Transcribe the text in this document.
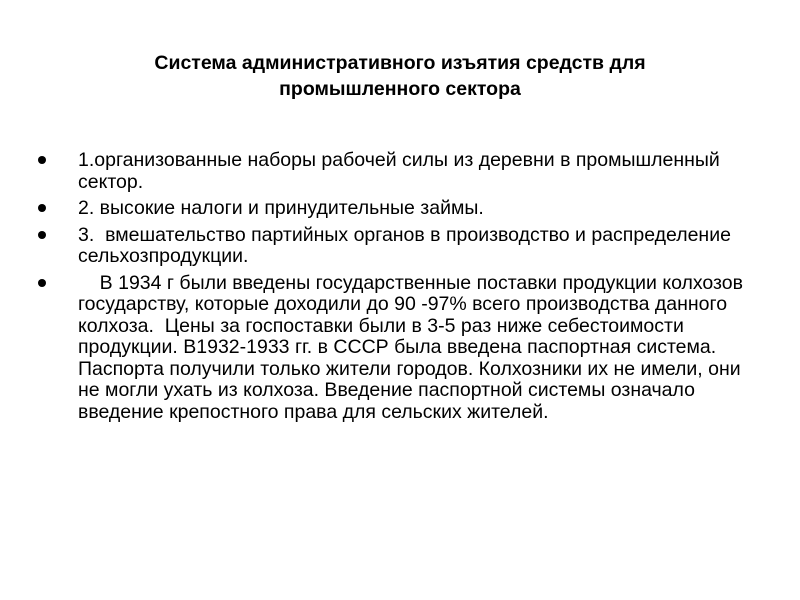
Система административного изъятия средств для
промышленного сектора
1.организованные наборы рабочей силы из деревни в промышленный сектор.
2. высокие налоги и принудительные займы.
3.  вмешательство партийных органов в производство и распределение сельхозпродукции.
В 1934 г были введены государственные поставки продукции колхозов государству, которые доходили до 90 -97% всего производства данного колхоза.  Цены за госпоставки были в 3-5 раз ниже себестоимости продукции. В1932-1933 гг. в СССР была введена паспортная система. Паспорта получили только жители городов. Колхозники их не имели, они не могли ухать из колхоза. Введение паспортной системы означало введение крепостного права для сельских жителей.
